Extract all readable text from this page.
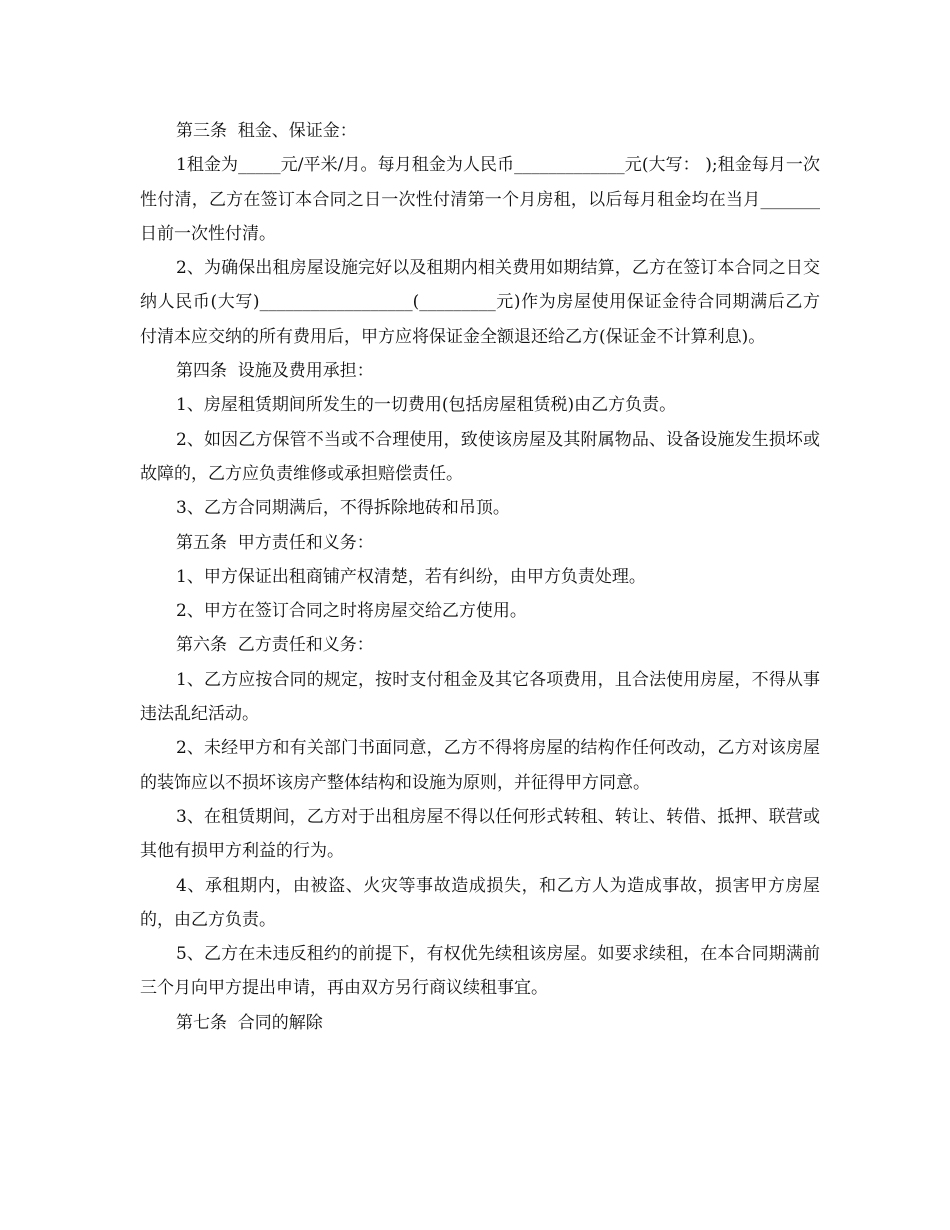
第三条  租金、保证金：

1租金为_____元/平米/月。每月租金为人民币_____________元(大写： );租金每月一次性付清，乙方在签订本合同之日一次性付清第一个月房租，以后每月租金均在当月_______日前一次性付清。

2、为确保出租房屋设施完好以及租期内相关费用如期结算，乙方在签订本合同之日交纳人民币(大写)__________________(_________元)作为房屋使用保证金待合同期满后乙方付清本应交纳的所有费用后，甲方应将保证金全额退还给乙方(保证金不计算利息)。

第四条  设施及费用承担：

1、房屋租赁期间所发生的一切费用(包括房屋租赁税)由乙方负责。

2、如因乙方保管不当或不合理使用，致使该房屋及其附属物品、设备设施发生损坏或故障的，乙方应负责维修或承担赔偿责任。

3、乙方合同期满后，不得拆除地砖和吊顶。

第五条  甲方责任和义务：

1、甲方保证出租商铺产权清楚，若有纠纷，由甲方负责处理。

2、甲方在签订合同之时将房屋交给乙方使用。

第六条  乙方责任和义务：

1、乙方应按合同的规定，按时支付租金及其它各项费用，且合法使用房屋，不得从事违法乱纪活动。

2、未经甲方和有关部门书面同意，乙方不得将房屋的结构作任何改动，乙方对该房屋的装饰应以不损坏该房产整体结构和设施为原则，并征得甲方同意。

3、在租赁期间，乙方对于出租房屋不得以任何形式转租、转让、转借、抵押、联营或其他有损甲方利益的行为。

4、承租期内，由被盗、火灾等事故造成损失，和乙方人为造成事故，损害甲方房屋的，由乙方负责。

5、乙方在未违反租约的前提下，有权优先续租该房屋。如要求续租，在本合同期满前三个月向甲方提出申请，再由双方另行商议续租事宜。

第七条  合同的解除
